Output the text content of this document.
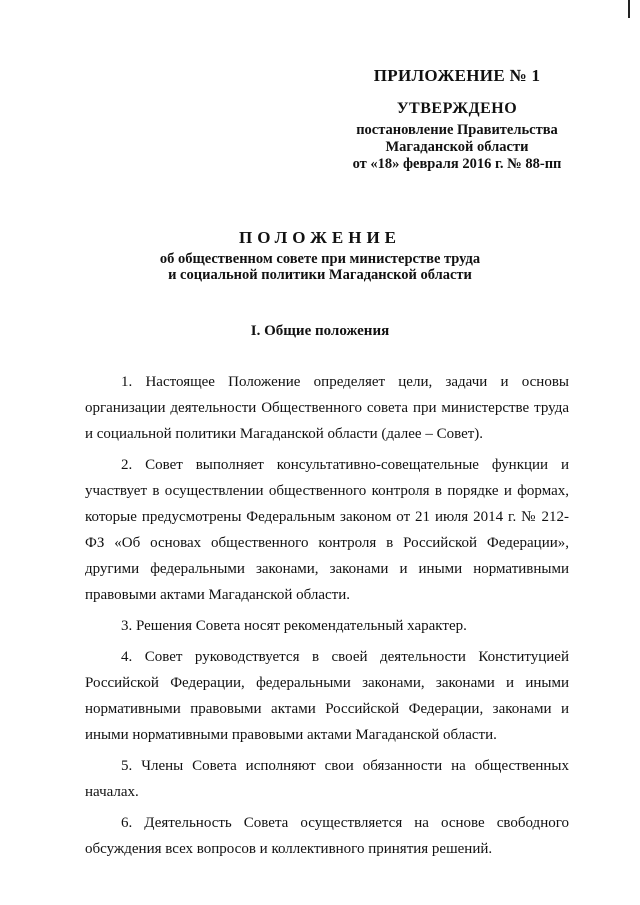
ПРИЛОЖЕНИЕ № 1
УТВЕРЖДЕНО
постановление Правительства
Магаданской области
от «18» февраля 2016 г. № 88-пп
ПОЛОЖЕНИЕ
об общественном совете при министерстве труда
и социальной политики Магаданской области
I. Общие положения

1. Настоящее Положение определяет цели, задачи и основы организации деятельности Общественного совета при министерстве труда и социальной политики Магаданской области (далее – Совет).

2. Совет выполняет консультативно-совещательные функции и участвует в осуществлении общественного контроля в порядке и формах, которые предусмотрены Федеральным законом от 21 июля 2014 г. № 212-ФЗ «Об основах общественного контроля в Российской Федерации», другими федеральными законами, законами и иными нормативными правовыми актами Магаданской области.

3. Решения Совета носят рекомендательный характер.

4. Совет руководствуется в своей деятельности Конституцией Российской Федерации, федеральными законами, законами и иными нормативными правовыми актами Российской Федерации, законами и иными нормативными правовыми актами Магаданской области.

5. Члены Совета исполняют свои обязанности на общественных началах.

6. Деятельность Совета осуществляется на основе свободного обсуждения всех вопросов и коллективного принятия решений.
